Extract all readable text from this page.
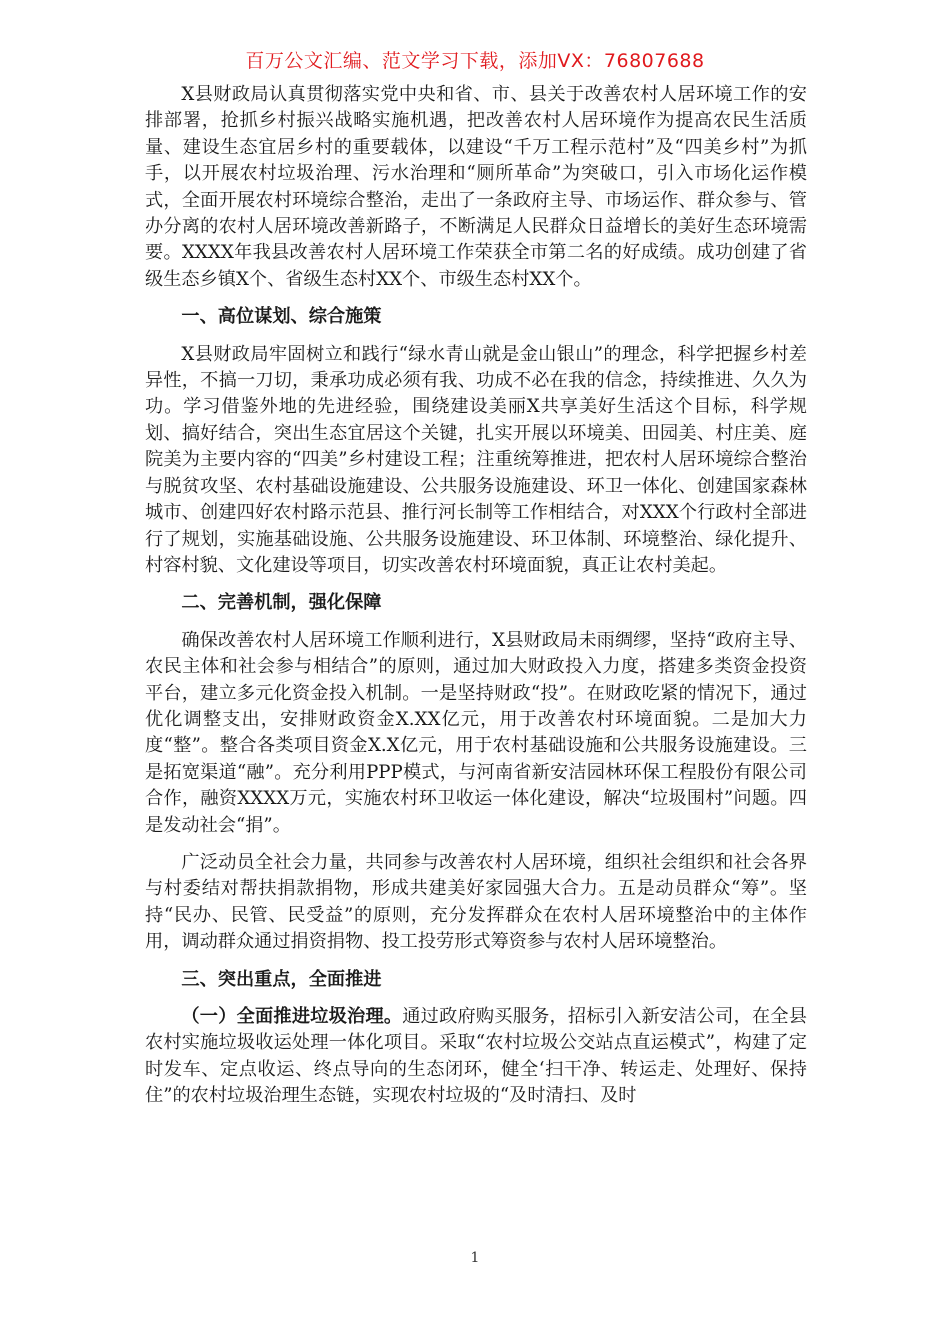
百万公文汇编、范文学习下载，添加VX：76807688

X县财政局认真贯彻落实党中央和省、市、县关于改善农村人居环境工作的安排部署，抢抓乡村振兴战略实施机遇，把改善农村人居环境作为提高农民生活质量、建设生态宜居乡村的重要载体，以建设“千万工程示范村”及“四美乡村”为抓手，以开展农村垃圾治理、污水治理和“厕所革命”为突破口，引入市场化运作模式，全面开展农村环境综合整治，走出了一条政府主导、市场运作、群众参与、管办分离的农村人居环境改善新路子，不断满足人民群众日益增长的美好生态环境需要。XXXX年我县改善农村人居环境工作荣获全市第二名的好成绩。成功创建了省级生态乡镇X个、省级生态村XX个、市级生态村XX个。

一、高位谋划、综合施策

X县财政局牢固树立和践行“绿水青山就是金山银山”的理念，科学把握乡村差异性，不搞一刀切，秉承功成必须有我、功成不必在我的信念，持续推进、久久为功。学习借鉴外地的先进经验，围绕建设美丽X共享美好生活这个目标，科学规划、搞好结合，突出生态宜居这个关键，扎实开展以环境美、田园美、村庄美、庭院美为主要内容的“四美”乡村建设工程；注重统筹推进，把农村人居环境综合整治与脱贫攻坚、农村基础设施建设、公共服务设施建设、环卫一体化、创建国家森林城市、创建四好农村路示范县、推行河长制等工作相结合，对XXX个行政村全部进行了规划，实施基础设施、公共服务设施建设、环卫体制、环境整治、绿化提升、村容村貌、文化建设等项目，切实改善农村环境面貌，真正让农村美起。

二、完善机制，强化保障

确保改善农村人居环境工作顺利进行，X县财政局未雨绸缪，坚持“政府主导、农民主体和社会参与相结合”的原则，通过加大财政投入力度，搭建多类资金投资平台，建立多元化资金投入机制。一是坚持财政“投”。在财政吃紧的情况下，通过优化调整支出，安排财政资金X.XX亿元，用于改善农村环境面貌。二是加大力度“整”。整合各类项目资金X.X亿元，用于农村基础设施和公共服务设施建设。三是拓宽渠道“融”。充分利用PPP模式，与河南省新安洁园林环保工程股份有限公司合作，融资XXXX万元，实施农村环卫收运一体化建设，解决“垃圾围村”问题。四是发动社会“捐”。

广泛动员全社会力量，共同参与改善农村人居环境，组织社会组织和社会各界与村委结对帮扶捐款捐物，形成共建美好家园强大合力。五是动员群众“筹”。坚持“民办、民管、民受益”的原则，充分发挥群众在农村人居环境整治中的主体作用，调动群众通过捐资捐物、投工投劳形式筹资参与农村人居环境整治。

三、突出重点，全面推进

（一）全面推进垃圾治理。通过政府购买服务，招标引入新安洁公司，在全县农村实施垃圾收运处理一体化项目。采取“农村垃圾公交站点直运模式”，构建了定时发车、定点收运、终点导向的生态闭环，健全‘扫干净、转运走、处理好、保持住”的农村垃圾治理生态链，实现农村垃圾的“及时清扫、及时

1
